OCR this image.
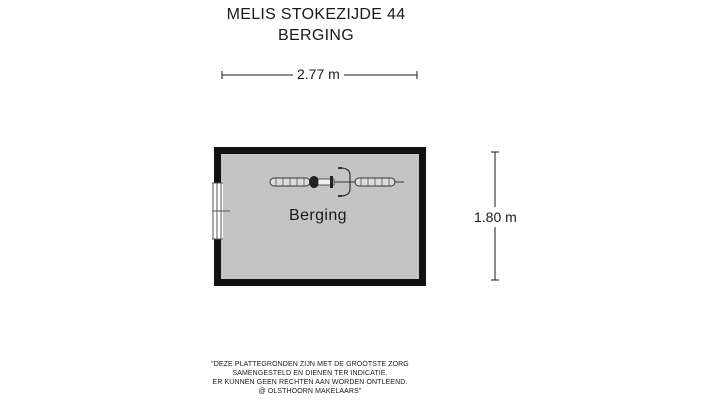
MELIS STOKEZIJDE 44
BERGING
2.77 m
1.80 m
Berging
"DEZE PLATTEGRONDEN ZIJN MET DE GROOTSTE ZORG
SAMENGESTELD EN DIENEN TER INDICATIE.
ER KUNNEN GEEN RECHTEN AAN WORDEN ONTLEEND.
@ OLSTHOORN MAKELAARS"
